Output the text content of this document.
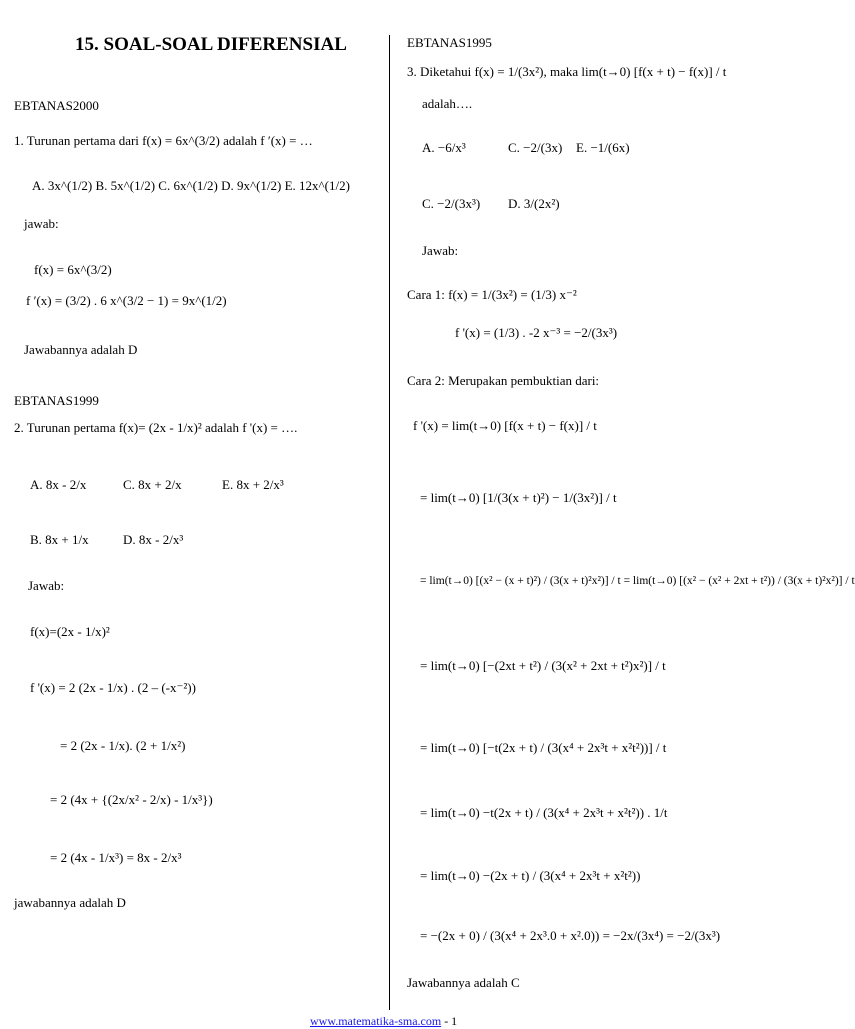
15. SOAL-SOAL DIFERENSIAL
EBTANAS2000
1. Turunan pertama dari f(x) = 6x^(3/2) adalah f ′(x) = …
A. 3x^(1/2) B. 5x^(1/2) C. 6x^(1/2) D. 9x^(1/2) E. 12x^(1/2)
jawab:
f(x) = 6x^(3/2)
f ′(x) = (3/2) . 6 x^(3/2 − 1) = 9x^(1/2)
Jawabannya adalah D
EBTANAS1999
2. Turunan pertama f(x)= (2x - 1/x)² adalah f '(x) = ….
A. 8x - 2/x	C. 8x + 2/x	E. 8x + 2/x³
B. 8x + 1/x	D. 8x - 2/x³
Jawab:
f(x)=(2x - 1/x)²
f '(x) = 2 (2x - 1/x) . (2 – (-x⁻²))
= 2 (2x - 1/x). (2 + 1/x²)
= 2 (4x + {(2x/x² - 2/x) - 1/x³})
= 2 (4x - 1/x³) = 8x - 2/x³
jawabannya adalah D
EBTANAS1995
3. Diketahui f(x) = 1/(3x²), maka lim(t→0) [f(x + t) − f(x)] / t
adalah….
A. −6/x³	C. −2/(3x) E. −1/(6x)
C. −2/(3x³) D. 3/(2x²)
Jawab:
Cara 1: f(x) = 1/(3x²) = (1/3) x⁻²
f '(x) = (1/3) . -2 x⁻³ = −2/(3x³)
Cara 2: Merupakan pembuktian dari:
f '(x) = lim(t→0) [f(x + t) − f(x)] / t
= lim(t→0) [1/(3(x + t)²) − 1/(3x²)] / t
= lim(t→0) [(x² − (x + t)²) / (3(x + t)²x²)] / t = lim(t→0) [(x² − (x² + 2xt + t²)) / (3(x + t)²x²)] / t
= lim(t→0) [−(2xt + t²) / (3(x² + 2xt + t²)x²)] / t
= lim(t→0) [−t(2x + t) / (3(x⁴ + 2x³t + x²t²))] / t
= lim(t→0) −t(2x + t) / (3(x⁴ + 2x³t + x²t²)) . 1/t
= lim(t→0) −(2x + t) / (3(x⁴ + 2x³t + x²t²))
= −(2x + 0) / (3(x⁴ + 2x³.0 + x².0)) = −2x/(3x⁴) = −2/(3x³)
Jawabannya adalah C
www.matematika-sma.com - 1
